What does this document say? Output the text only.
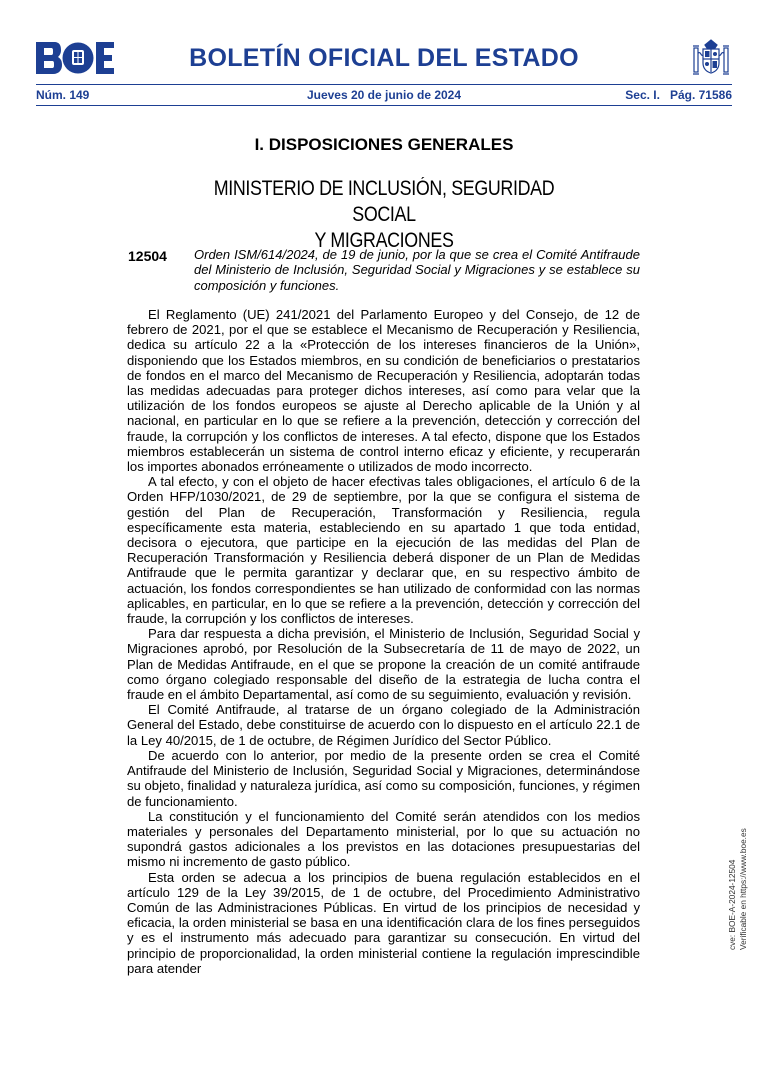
BOLETÍN OFICIAL DEL ESTADO
Núm. 149	Jueves 20 de junio de 2024	Sec. I.   Pág. 71586
I. DISPOSICIONES GENERALES
MINISTERIO DE INCLUSIÓN, SEGURIDAD SOCIAL
Y MIGRACIONES
12504 Orden ISM/614/2024, de 19 de junio, por la que se crea el Comité Antifraude del Ministerio de Inclusión, Seguridad Social y Migraciones y se establece su composición y funciones.

El Reglamento (UE) 241/2021 del Parlamento Europeo y del Consejo, de 12 de febrero de 2021, por el que se establece el Mecanismo de Recuperación y Resiliencia, dedica su artículo 22 a la «Protección de los intereses financieros de la Unión», disponiendo que los Estados miembros, en su condición de beneficiarios o prestatarios de fondos en el marco del Mecanismo de Recuperación y Resiliencia, adoptarán todas las medidas adecuadas para proteger dichos intereses, así como para velar que la utilización de los fondos europeos se ajuste al Derecho aplicable de la Unión y al nacional, en particular en lo que se refiere a la prevención, detección y corrección del fraude, la corrupción y los conflictos de intereses. A tal efecto, dispone que los Estados miembros establecerán un sistema de control interno eficaz y eficiente, y recuperarán los importes abonados erróneamente o utilizados de modo incorrecto.

A tal efecto, y con el objeto de hacer efectivas tales obligaciones, el artículo 6 de la Orden HFP/1030/2021, de 29 de septiembre, por la que se configura el sistema de gestión del Plan de Recuperación, Transformación y Resiliencia, regula específicamente esta materia, estableciendo en su apartado 1 que toda entidad, decisora o ejecutora, que participe en la ejecución de las medidas del Plan de Recuperación Transformación y Resiliencia deberá disponer de un Plan de Medidas Antifraude que le permita garantizar y declarar que, en su respectivo ámbito de actuación, los fondos correspondientes se han utilizado de conformidad con las normas aplicables, en particular, en lo que se refiere a la prevención, detección y corrección del fraude, la corrupción y los conflictos de intereses.

Para dar respuesta a dicha previsión, el Ministerio de Inclusión, Seguridad Social y Migraciones aprobó, por Resolución de la Subsecretaría de 11 de mayo de 2022, un Plan de Medidas Antifraude, en el que se propone la creación de un comité antifraude como órgano colegiado responsable del diseño de la estrategia de lucha contra el fraude en el ámbito Departamental, así como de su seguimiento, evaluación y revisión.

El Comité Antifraude, al tratarse de un órgano colegiado de la Administración General del Estado, debe constituirse de acuerdo con lo dispuesto en el artículo 22.1 de la Ley 40/2015, de 1 de octubre, de Régimen Jurídico del Sector Público.

De acuerdo con lo anterior, por medio de la presente orden se crea el Comité Antifraude del Ministerio de Inclusión, Seguridad Social y Migraciones, determinándose su objeto, finalidad y naturaleza jurídica, así como su composición, funciones, y régimen de funcionamiento.

La constitución y el funcionamiento del Comité serán atendidos con los medios materiales y personales del Departamento ministerial, por lo que su actuación no supondrá gastos adicionales a los previstos en las dotaciones presupuestarias del mismo ni incremento de gasto público.

Esta orden se adecua a los principios de buena regulación establecidos en el artículo 129 de la Ley 39/2015, de 1 de octubre, del Procedimiento Administrativo Común de las Administraciones Públicas. En virtud de los principios de necesidad y eficacia, la orden ministerial se basa en una identificación clara de los fines perseguidos y es el instrumento más adecuado para garantizar su consecución. En virtud del principio de proporcionalidad, la orden ministerial contiene la regulación imprescindible para atender

cve: BOE-A-2024-12504 Verificable en https://www.boe.es
